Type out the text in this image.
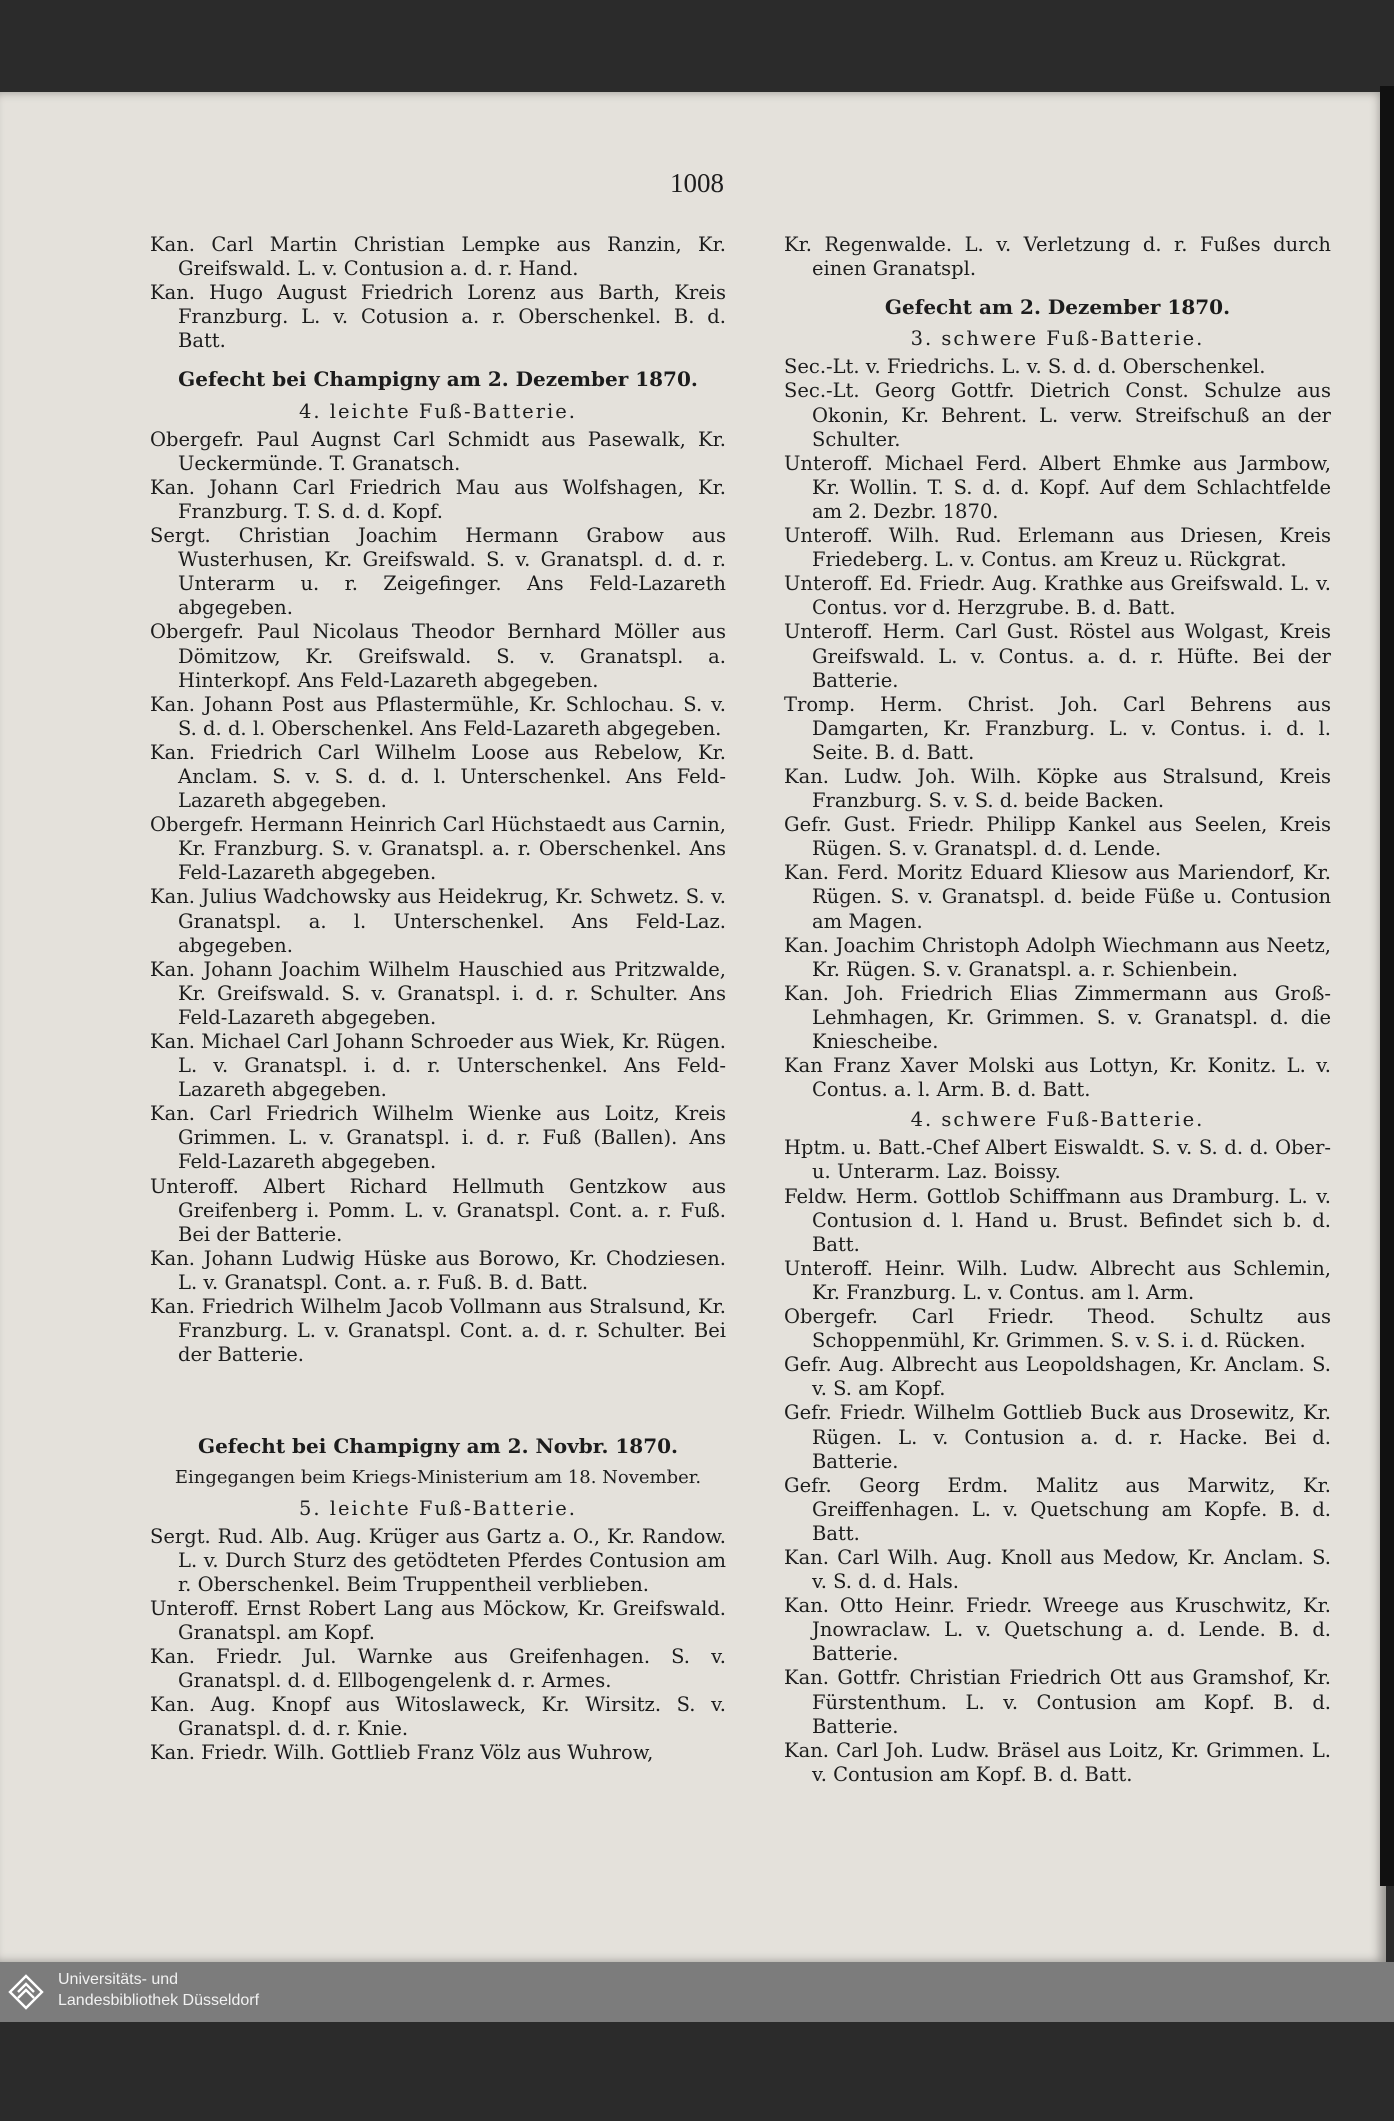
1008

Kan. Carl Martin Christian Lempke aus Ranzin, Kr. Greifswald. L. v. Contusion a. d. r. Hand.

Kan. Hugo August Friedrich Lorenz aus Barth, Kreis Franzburg. L. v. Cotusion a. r. Oberschenkel. B. d. Batt.

Gefecht bei Champigny am 2. Dezember 1870.

4. leichte Fuß-Batterie.

Obergefr. Paul Augnst Carl Schmidt aus Pasewalk, Kr. Ueckermünde. T. Granatsch.

Kan. Johann Carl Friedrich Mau aus Wolfshagen, Kr. Franzburg. T. S. d. d. Kopf.

Sergt. Christian Joachim Hermann Grabow aus Wusterhusen, Kr. Greifswald. S. v. Granatspl. d. d. r. Unterarm u. r. Zeigefinger. Ans Feld-Lazareth abgegeben.

Obergefr. Paul Nicolaus Theodor Bernhard Möller aus Dömitzow, Kr. Greifswald. S. v. Granatspl. a. Hinterkopf. Ans Feld-Lazareth abgegeben.

Kan. Johann Post aus Pflastermühle, Kr. Schlochau. S. v. S. d. d. l. Oberschenkel. Ans Feld-Lazareth abgegeben.

Kan. Friedrich Carl Wilhelm Loose aus Rebelow, Kr. Anclam. S. v. S. d. d. l. Unterschenkel. Ans Feld-Lazareth abgegeben.

Obergefr. Hermann Heinrich Carl Hüchstaedt aus Carnin, Kr. Franzburg. S. v. Granatspl. a. r. Oberschenkel. Ans Feld-Lazareth abgegeben.

Kan. Julius Wadchowsky aus Heidekrug, Kr. Schwetz. S. v. Granatspl. a. l. Unterschenkel. Ans Feld-Laz. abgegeben.

Kan. Johann Joachim Wilhelm Hauschied aus Pritzwalde, Kr. Greifswald. S. v. Granatspl. i. d. r. Schulter. Ans Feld-Lazareth abgegeben.

Kan. Michael Carl Johann Schroeder aus Wiek, Kr. Rügen. L. v. Granatspl. i. d. r. Unterschenkel. Ans Feld-Lazareth abgegeben.

Kan. Carl Friedrich Wilhelm Wienke aus Loitz, Kreis Grimmen. L. v. Granatspl. i. d. r. Fuß (Ballen). Ans Feld-Lazareth abgegeben.

Unteroff. Albert Richard Hellmuth Gentzkow aus Greifenberg i. Pomm. L. v. Granatspl. Cont. a. r. Fuß. Bei der Batterie.

Kan. Johann Ludwig Hüske aus Borowo, Kr. Chodziesen. L. v. Granatspl. Cont. a. r. Fuß. B. d. Batt.

Kan. Friedrich Wilhelm Jacob Vollmann aus Stralsund, Kr. Franzburg. L. v. Granatspl. Cont. a. d. r. Schulter. Bei der Batterie.

Gefecht bei Champigny am 2. Novbr. 1870.

Eingegangen beim Kriegs-Ministerium am 18. November.

5. leichte Fuß-Batterie.

Sergt. Rud. Alb. Aug. Krüger aus Gartz a. O., Kr. Randow. L. v. Durch Sturz des getödteten Pferdes Contusion am r. Oberschenkel. Beim Truppentheil verblieben.

Unteroff. Ernst Robert Lang aus Möckow, Kr. Greifswald. Granatspl. am Kopf.

Kan. Friedr. Jul. Warnke aus Greifenhagen. S. v. Granatspl. d. d. Ellbogengelenk d. r. Armes.

Kan. Aug. Knopf aus Witoslaweck, Kr. Wirsitz. S. v. Granatspl. d. d. r. Knie.

Kan. Friedr. Wilh. Gottlieb Franz Völz aus Wuhrow,

Kr. Regenwalde. L. v. Verletzung d. r. Fußes durch einen Granatspl.

Gefecht am 2. Dezember 1870.

3. schwere Fuß-Batterie.

Sec.-Lt. v. Friedrichs. L. v. S. d. d. Oberschenkel.

Sec.-Lt. Georg Gottfr. Dietrich Const. Schulze aus Okonin, Kr. Behrent. L. verw. Streifschuß an der Schulter.

Unteroff. Michael Ferd. Albert Ehmke aus Jarmbow, Kr. Wollin. T. S. d. d. Kopf. Auf dem Schlachtfelde am 2. Dezbr. 1870.

Unteroff. Wilh. Rud. Erlemann aus Driesen, Kreis Friedeberg. L. v. Contus. am Kreuz u. Rückgrat.

Unteroff. Ed. Friedr. Aug. Krathke aus Greifswald. L. v. Contus. vor d. Herzgrube. B. d. Batt.

Unteroff. Herm. Carl Gust. Röstel aus Wolgast, Kreis Greifswald. L. v. Contus. a. d. r. Hüfte. Bei der Batterie.

Tromp. Herm. Christ. Joh. Carl Behrens aus Damgarten, Kr. Franzburg. L. v. Contus. i. d. l. Seite. B. d. Batt.

Kan. Ludw. Joh. Wilh. Köpke aus Stralsund, Kreis Franzburg. S. v. S. d. beide Backen.

Gefr. Gust. Friedr. Philipp Kankel aus Seelen, Kreis Rügen. S. v. Granatspl. d. d. Lende.

Kan. Ferd. Moritz Eduard Kliesow aus Mariendorf, Kr. Rügen. S. v. Granatspl. d. beide Füße u. Contusion am Magen.

Kan. Joachim Christoph Adolph Wiechmann aus Neetz, Kr. Rügen. S. v. Granatspl. a. r. Schienbein.

Kan. Joh. Friedrich Elias Zimmermann aus Groß-Lehmhagen, Kr. Grimmen. S. v. Granatspl. d. die Kniescheibe.

Kan Franz Xaver Molski aus Lottyn, Kr. Konitz. L. v. Contus. a. l. Arm. B. d. Batt.

4. schwere Fuß-Batterie.

Hptm. u. Batt.-Chef Albert Eiswaldt. S. v. S. d. d. Ober- u. Unterarm. Laz. Boissy.

Feldw. Herm. Gottlob Schiffmann aus Dramburg. L. v. Contusion d. l. Hand u. Brust. Befindet sich b. d. Batt.

Unteroff. Heinr. Wilh. Ludw. Albrecht aus Schlemin, Kr. Franzburg. L. v. Contus. am l. Arm.

Obergefr. Carl Friedr. Theod. Schultz aus Schoppenmühl, Kr. Grimmen. S. v. S. i. d. Rücken.

Gefr. Aug. Albrecht aus Leopoldshagen, Kr. Anclam. S. v. S. am Kopf.

Gefr. Friedr. Wilhelm Gottlieb Buck aus Drosewitz, Kr. Rügen. L. v. Contusion a. d. r. Hacke. Bei d. Batterie.

Gefr. Georg Erdm. Malitz aus Marwitz, Kr. Greiffenhagen. L. v. Quetschung am Kopfe. B. d. Batt.

Kan. Carl Wilh. Aug. Knoll aus Medow, Kr. Anclam. S. v. S. d. d. Hals.

Kan. Otto Heinr. Friedr. Wreege aus Kruschwitz, Kr. Jnowraclaw. L. v. Quetschung a. d. Lende. B. d. Batterie.

Kan. Gottfr. Christian Friedrich Ott aus Gramshof, Kr. Fürstenthum. L. v. Contusion am Kopf. B. d. Batterie.

Kan. Carl Joh. Ludw. Bräsel aus Loitz, Kr. Grimmen. L. v. Contusion am Kopf. B. d. Batt.

Universitäts- und
Landesbibliothek Düsseldorf
